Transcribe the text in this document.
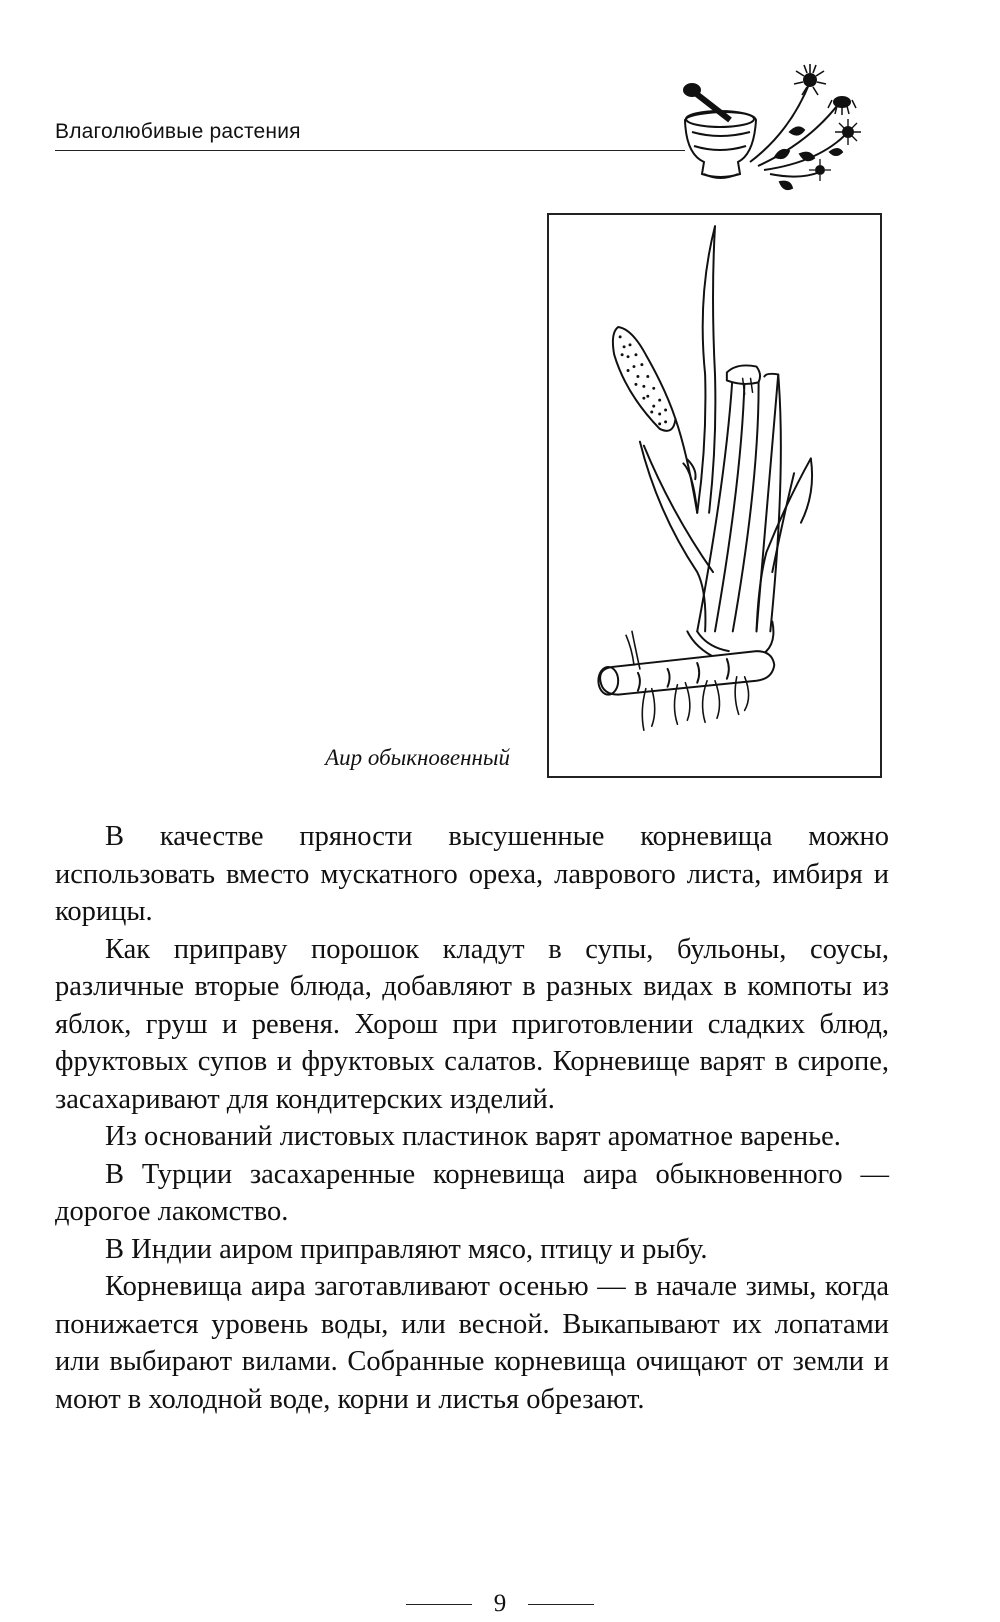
Влаголюбивые растения
Аир обыкновенный

В качестве пряности высушенные корневища можно использовать вместо мускатного ореха, лаврового листа, имбиря и корицы.

Как приправу порошок кладут в супы, бульоны, соусы, различные вторые блюда, добавляют в разных видах в компоты из яблок, груш и ревеня. Хорош при приготовлении сладких блюд, фруктовых супов и фруктовых салатов. Корневище варят в сиропе, засахаривают для кондитерских изделий.

Из оснований листовых пластинок варят ароматное варенье.

В Турции засахаренные корневища аира обыкновенного — дорогое лакомство.

В Индии аиром приправляют мясо, птицу и рыбу.

Корневища аира заготавливают осенью — в начале зимы, когда понижается уровень воды, или весной. Выкапывают их лопатами или выбирают вилами. Собранные корневища очищают от земли и моют в холодной воде, корни и листья обрезают.

9
